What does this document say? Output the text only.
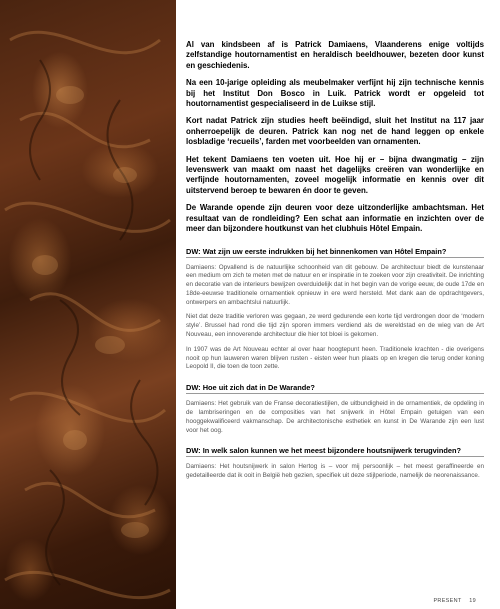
Al van kindsbeen af is Patrick Damiaens, Vlaanderens enige voltijds zelfstandige houtornamentist en heraldisch beeldhouwer, bezeten door kunst en geschiedenis.

Na een 10-jarige opleiding als meubelmaker verfijnt hij zijn technische kennis bij het Institut Don Bosco in Luik. Patrick wordt er opgeleid tot houtornamentist gespecialiseerd in de Luikse stijl.

Kort nadat Patrick zijn studies heeft beëindigd, sluit het Institut na 117 jaar onherroepelijk de deuren. Patrick kan nog net de hand leggen op enkele losbladige ‘recueils’, farden met voorbeelden van ornamenten.

Het tekent Damiaens ten voeten uit. Hoe hij er – bijna dwangmatig – zijn levenswerk van maakt om naast het dagelijks creëren van wonderlijke en verfijnde houtornamenten, zoveel mogelijk informatie en kennis over dit uitstervend beroep te bewaren én door te geven.

De Warande opende zijn deuren voor deze uitzonderlijke ambachtsman. Het resultaat van de rondleiding? Een schat aan informatie en inzichten over de meer dan bijzondere houtkunst van het clubhuis Hôtel Empain.

DW: Wat zijn uw eerste indrukken bij het binnenkomen van Hôtel Empain?

Damiaens: Opvallend is de natuurlijke schoonheid van dit gebouw. De architectuur biedt de kunstenaar een medium om zich te meten met de natuur en er inspiratie in te zoeken voor zijn creativiteit. De inrichting en decoratie van de interieurs bewijzen overduidelijk dat in het begin van de vorige eeuw, de oude 17de en 18de-eeuwse traditionele ornamentiek opnieuw in ere werd hersteld. Met dank aan de opdrachtgevers, ontwerpers en ambachtslui natuurlijk.

Niet dat deze traditie verloren was gegaan, ze werd gedurende een korte tijd verdrongen door de ‘modern style’. Brussel had rond die tijd zijn sporen immers verdiend als de wereldstad en de wieg van de Art Nouveau, een innoverende architectuur die hier tot bloei is gekomen.

In 1907 was de Art Nouveau echter al over haar hoogtepunt heen. Traditionele krachten - die overigens nooit op hun lauweren waren blijven rusten - eisten weer hun plaats op en kregen die terug onder koning Leopold II, die toen de toon zette.

DW: Hoe uit zich dat in De Warande?

Damiaens: Het gebruik van de Franse decoratiestijlen, de uitbundigheid in de ornamentiek, de opdeling in de lambriseringen en de composities van het snijwerk in Hôtel Empain getuigen van een hooggekwalificeerd vakmanschap. De architectonische esthetiek en kunst in De Warande zijn een lust voor het oog.

DW: In welk salon kunnen we het meest bijzondere houtsnijwerk terugvinden?

Damiaens: Het houtsnijwerk in salon Hertog is – voor mij persoonlijk – het meest geraffineerde en gedetailleerde dat ik ooit in België heb gezien, specifiek uit deze stijlperiode, namelijk de neorenaissance.

PRESENT 19
